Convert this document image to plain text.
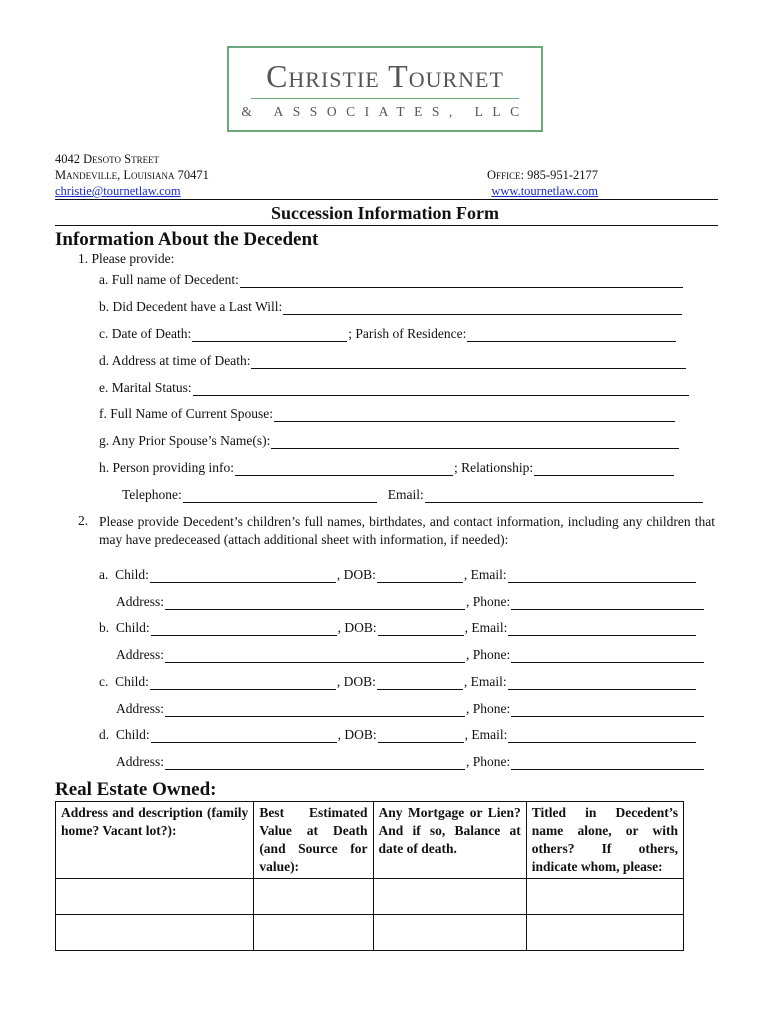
Christie Tournet
& ASSOCIATES, LLC
4042 Desoto Street
Mandeville, Louisiana 70471
christie@tournetlaw.com
Office: 985-951-2177
www.tournetlaw.com
Succession Information Form
Information About the Decedent
1. Please provide:
a. Full name of Decedent:
b. Did Decedent have a Last Will:
c. Date of Death:	; Parish of Residence:
d. Address at time of Death:
e. Marital Status:
f. Full Name of Current Spouse:
g. Any Prior Spouse’s Name(s):
h. Person providing info:	; Relationship:
Telephone:	Email:
2. Please provide Decedent’s children’s full names, birthdates, and contact information, including any children that may have predeceased (attach additional sheet with information, if needed):
a.
Child:	, DOB:	, Email:
Address:	, Phone:
b.
Child:	, DOB:	, Email:
Address:	, Phone:
c.
Child:	, DOB:	, Email:
Address:	, Phone:
d.
Child:	, DOB:	, Email:
Address:	, Phone:
Real Estate Owned:
Address and description (family home? Vacant lot?):	Best Estimated Value at Death (and Source for value):	Any Mortgage or Lien? And if so, Balance at date of death.	Titled in Decedent’s name alone, or with others? If others, indicate whom, please:
